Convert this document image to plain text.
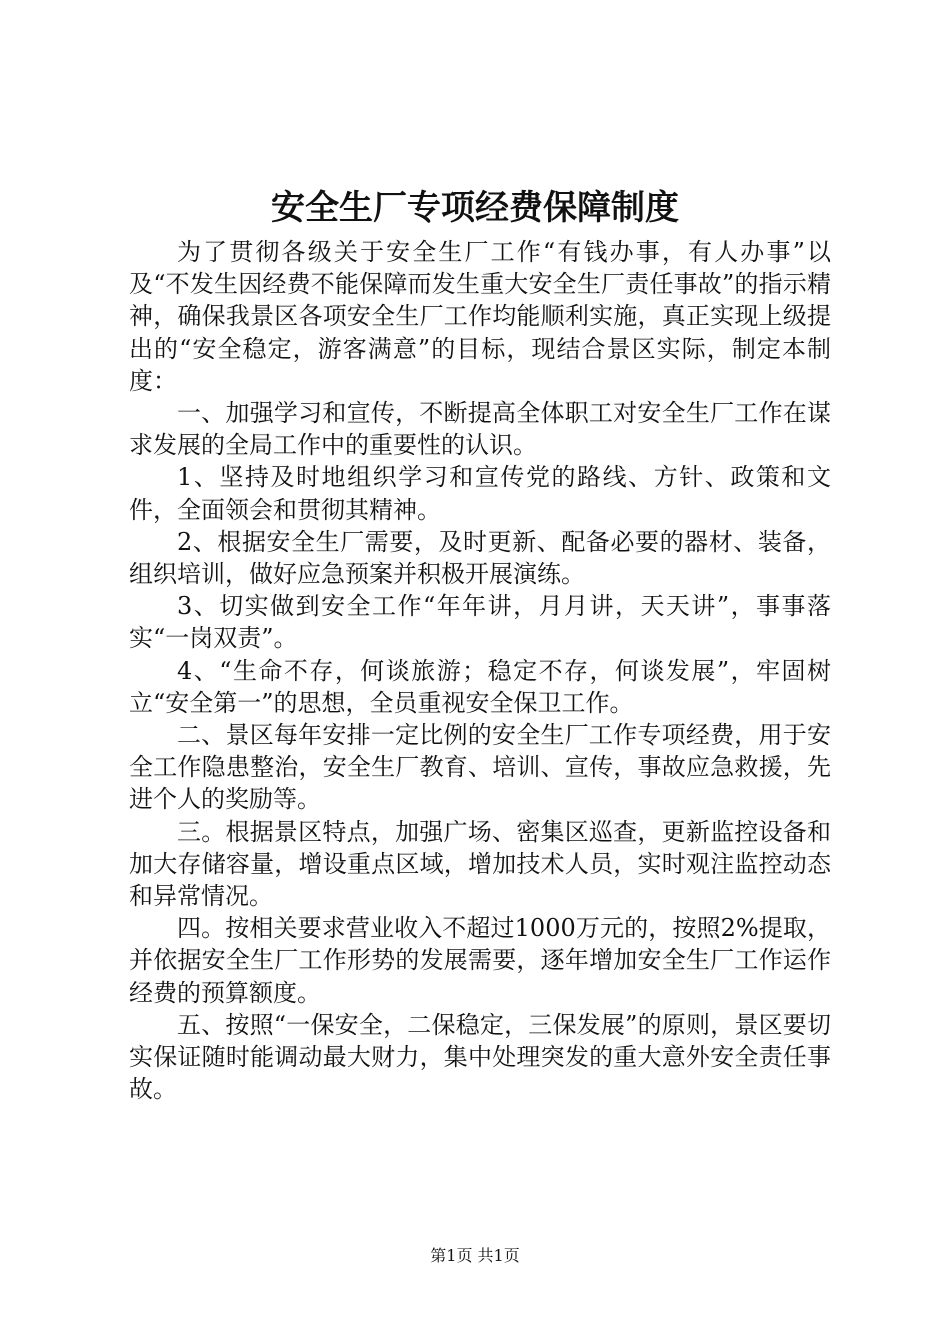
安全生厂专项经费保障制度

为了贯彻各级关于安全生厂工作“有钱办事，有人办事”以及“不发生因经费不能保障而发生重大安全生厂责任事故”的指示精神，确保我景区各项安全生厂工作均能顺利实施，真正实现上级提出的“安全稳定，游客满意”的目标，现结合景区实际，制定本制度：

一、加强学习和宣传，不断提高全体职工对安全生厂工作在谋求发展的全局工作中的重要性的认识。

1、坚持及时地组织学习和宣传党的路线、方针、政策和文件，全面领会和贯彻其精神。

2、根据安全生厂需要，及时更新、配备必要的器材、装备，组织培训，做好应急预案并积极开展演练。

3、切实做到安全工作“年年讲，月月讲，天天讲”，事事落实“一岗双责”。

4、“生命不存，何谈旅游；稳定不存，何谈发展”，牢固树立“安全第一”的思想，全员重视安全保卫工作。

二、景区每年安排一定比例的安全生厂工作专项经费，用于安全工作隐患整治，安全生厂教育、培训、宣传，事故应急救援，先进个人的奖励等。

三。根据景区特点，加强广场、密集区巡查，更新监控设备和加大存储容量，增设重点区域，增加技术人员，实时观注监控动态和异常情况。

四。按相关要求营业收入不超过1000万元的，按照2%提取，并依据安全生厂工作形势的发展需要，逐年增加安全生厂工作运作经费的预算额度。

五、按照“一保安全，二保稳定，三保发展”的原则，景区要切实保证随时能调动最大财力，集中处理突发的重大意外安全责任事故。

第1页 共1页
